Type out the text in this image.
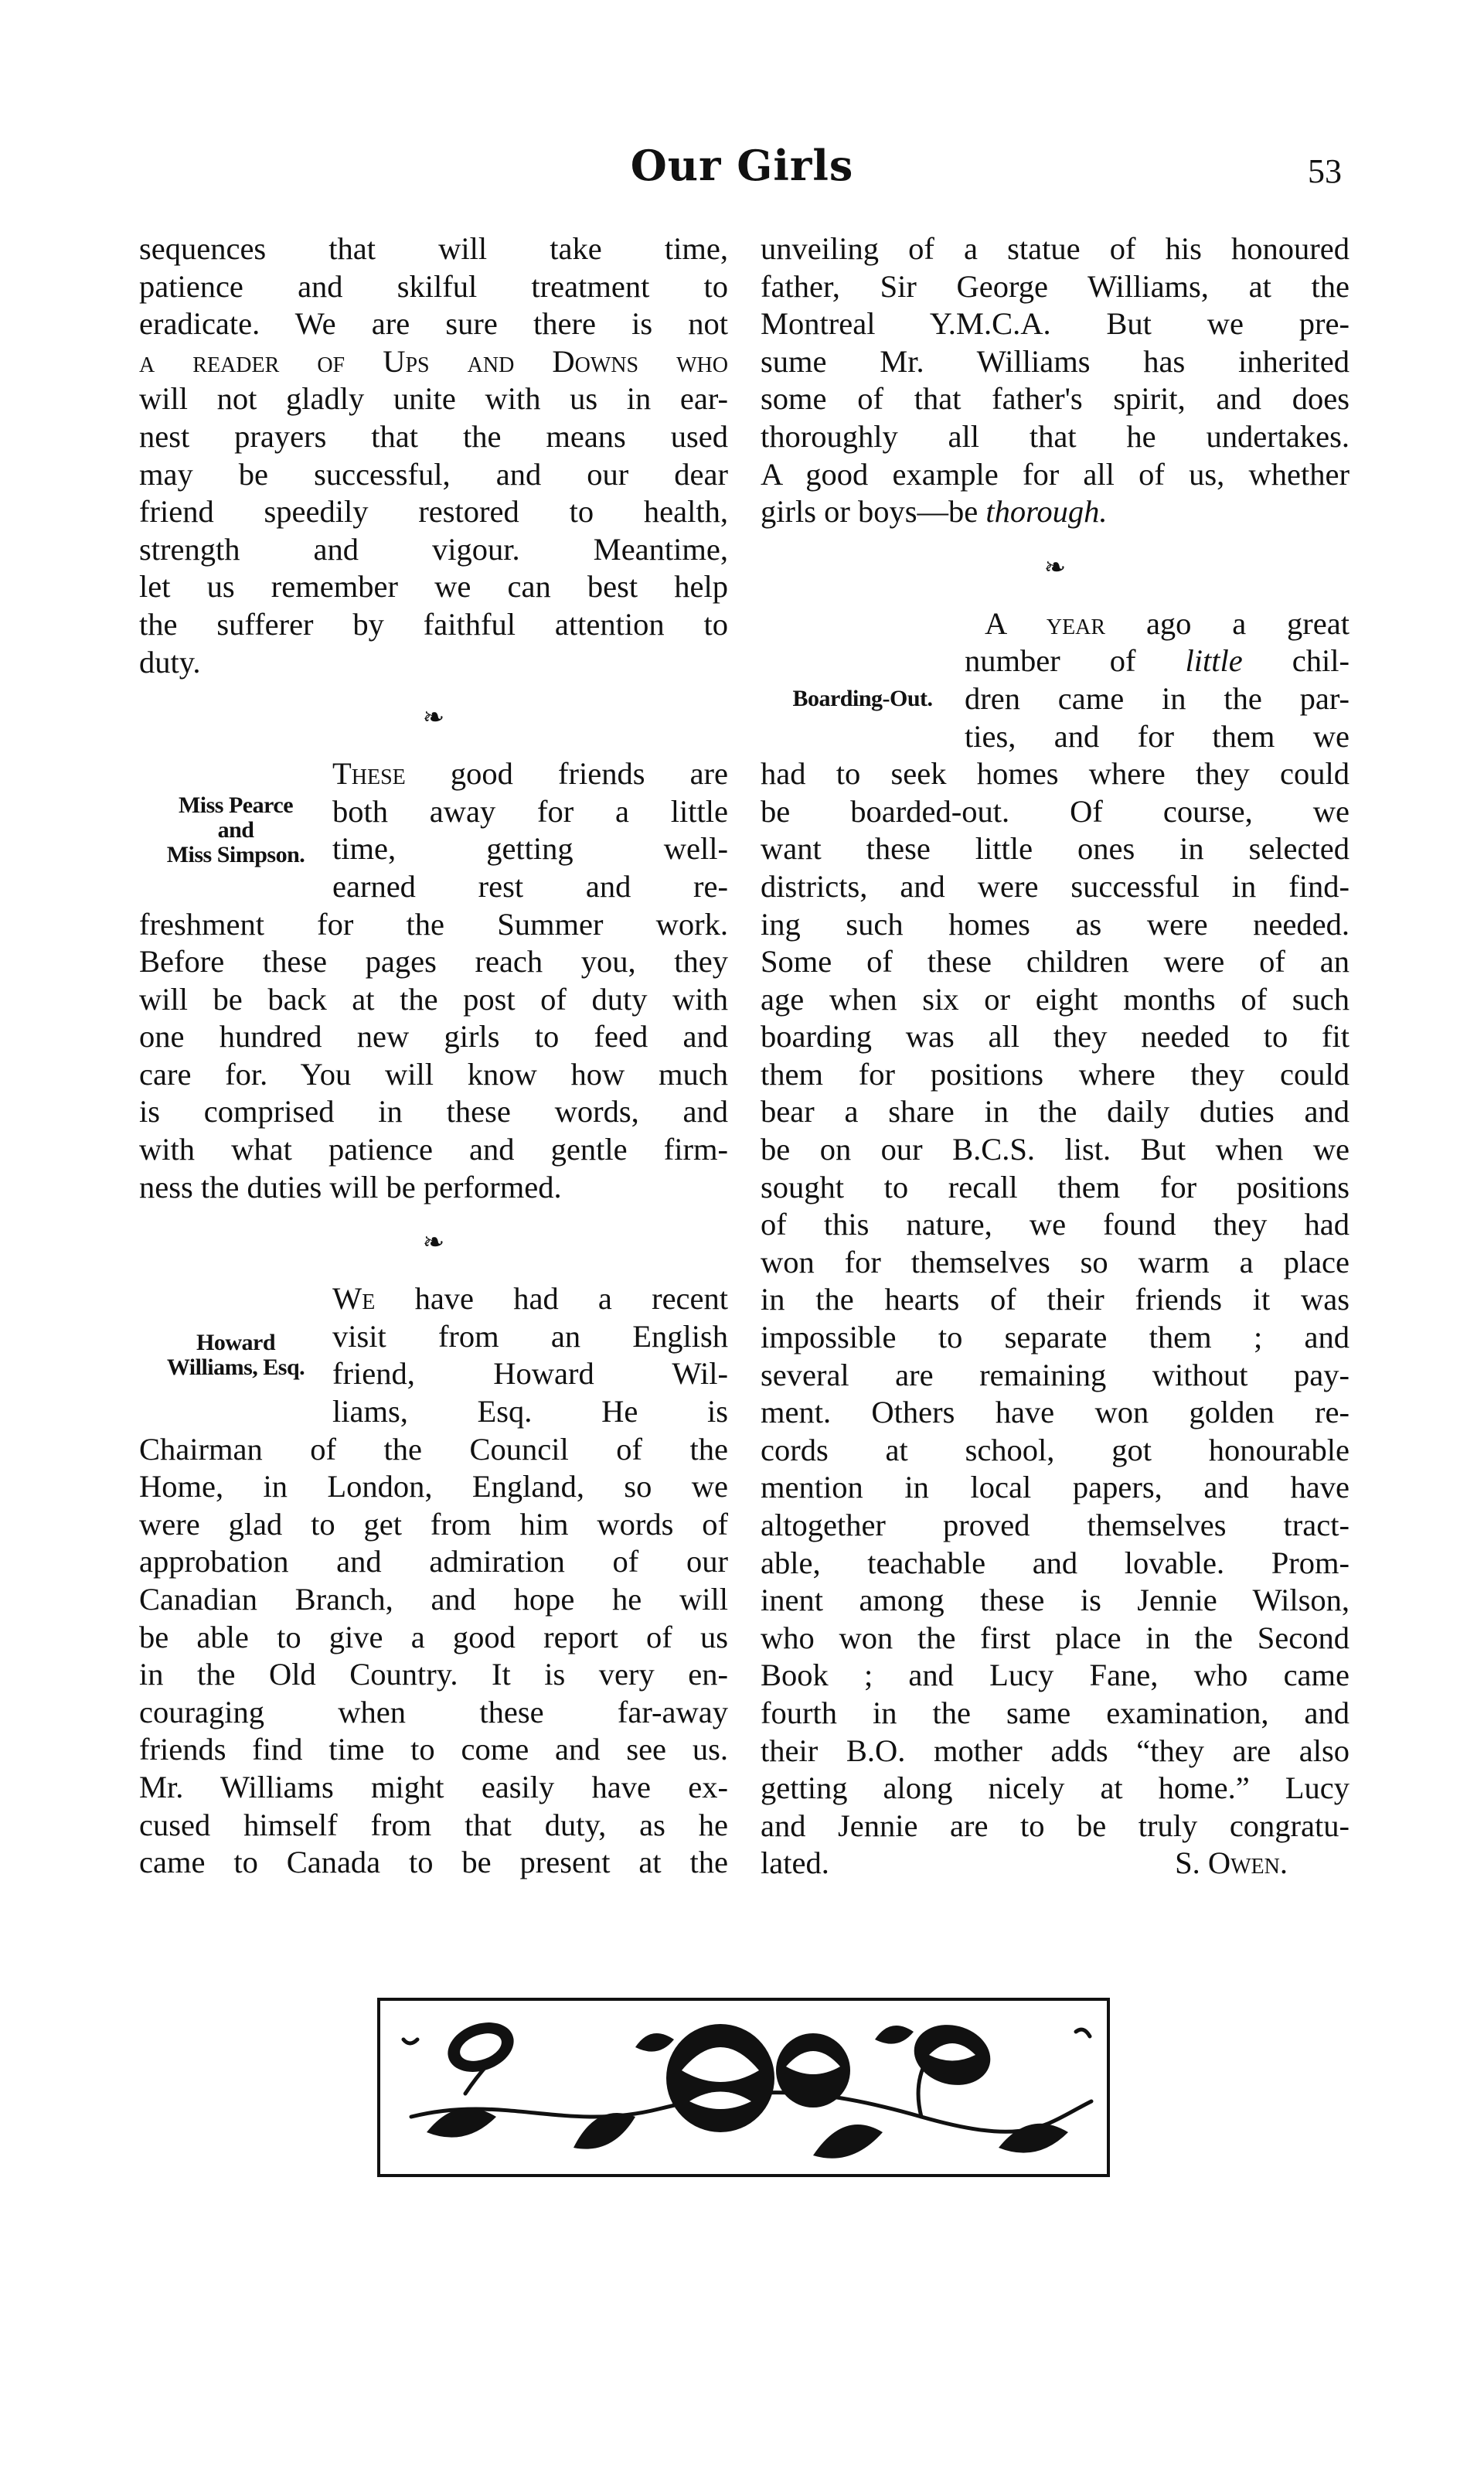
Our Girls	53
sequences that will take time,
patience and skilful treatment to
eradicate. We are sure there is not
a reader of Ups and Downs who
will not gladly unite with us in ear-
nest prayers that the means used
may be successful, and our dear
friend speedily restored to health,
strength and vigour. Meantime,
let us remember we can best help
the sufferer by faithful attention to
duty.
❧
Miss Pearce
and
Miss Simpson.
These good friends are
both away for a little
time, getting well-
earned rest and re-
freshment for the Summer work.
Before these pages reach you, they
will be back at the post of duty with
one hundred new girls to feed and
care for. You will know how much
is comprised in these words, and
with what patience and gentle firm-
ness the duties will be performed.
❧
Howard
Williams, Esq.
We have had a recent
visit from an English
friend, Howard Wil-
liams, Esq. He is
Chairman of the Council of the
Home, in London, England, so we
were glad to get from him words of
approbation and admiration of our
Canadian Branch, and hope he will
be able to give a good report of us
in the Old Country. It is very en-
couraging when these far-away
friends find time to come and see us.
Mr. Williams might easily have ex-
cused himself from that duty, as he
came to Canada to be present at the
unveiling of a statue of his honoured
father, Sir George Williams, at the
Montreal Y.M.C.A. But we pre-
sume Mr. Williams has inherited
some of that father's spirit, and does
thoroughly all that he undertakes.
A good example for all of us, whether
girls or boys—be thorough.
❧
A year ago a great
Boarding-Out.
number of little chil-
dren came in the par-
ties, and for them we
had to seek homes where they could
be boarded-out. Of course, we
want these little ones in selected
districts, and were successful in find-
ing such homes as were needed.
Some of these children were of an
age when six or eight months of such
boarding was all they needed to fit
them for positions where they could
bear a share in the daily duties and
be on our B.C.S. list. But when we
sought to recall them for positions
of this nature, we found they had
won for themselves so warm a place
in the hearts of their friends it was
impossible to separate them ; and
several are remaining without pay-
ment. Others have won golden re-
cords at school, got honourable
mention in local papers, and have
altogether proved themselves tract-
able, teachable and lovable. Prom-
inent among these is Jennie Wilson,
who won the first place in the Second
Book ; and Lucy Fane, who came
fourth in the same examination, and
their B.O. mother adds “they are also
getting along nicely at home.” Lucy
and Jennie are to be truly congratu-
lated.	S. Owen.
